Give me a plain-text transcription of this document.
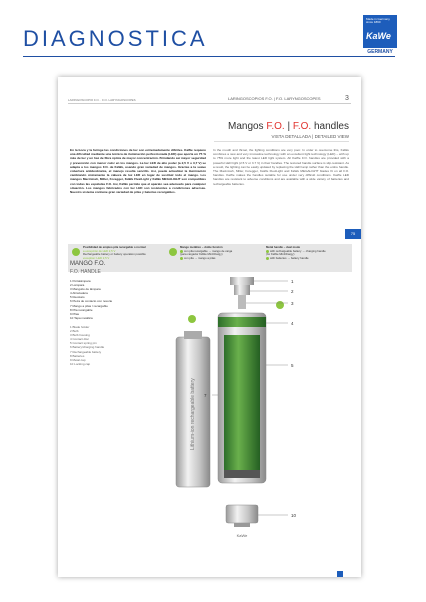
DIAGNOSTICA
Made in Germany since 1890
KaWe
GERMANY
LARINGOSCOPIO F.O. · F.O. LARYNGOSCOPES	LARINGOSCOPIOS F.O. | F.O. LARYNGOSCOPES	3
Mangos F.O. | F.O. handles
VISTA DETALLADA | DETAILED VIEW
En la boca y la faringe las condiciones de luz son extremadamente difíciles. KaWe requiere una dificultad mediante una técnica de iluminación perfeccionada (LED) que aporta un 75 % más de luz y un haz de fibra óptica de mayor concentración. Brindando así mayor seguridad y prevención con menor calor en los mangos. La luz LED de alto poder (a 2,5 V o 3,7 V) se adapta a los mangos F.O. de KaWe, usando gran variedad de mangos. Gracias a la suave cobertura antideslizante, el manejo resulta sencillo. Así, puede actualizar la iluminación cambiando únicamente la cabeza de luz LED en lugar de sustituir todo el mango. Los mangos Macintosh, Miller, Foregger, KaWe FlexiLight y KaWe MEGALIGHT son compatibles con todas las espátulas F.O. Así, KaWe permite que el aparato sea adecuado para cualquier situación. Los mangos fabricados con luz LED son resistentes a condiciones adversas. Nuestro sistema contiene gran variedad de pilas y baterías recargables.
In the mouth and throat, the lighting conditions are very poor. In order to overcome this, KaWe combines a new and very innovative technology with an excellent light technology (LED) – with up to 75% more light and the latest LED light system. All KaWe F.O. handles are provided with a powerful LED light (2.5 V or 3.7 V) in their handles. The textured handle surface is slip-resistant. As a result, the lighting can be easily updated by replacing the LED lamp rather than the entire handle. The Macintosh, Miller, Foregger, KaWe FlexiLight and KaWe MEGALIGHT blades fit on all F.O. handles. KaWe makes the handles suitable for use under very difficult conditions. KaWe LED handles are resistant to adverse conditions and are available with a wide variety of batteries and rechargeable batteries.
75
Posibilidad de empleo pila recargable o normal
a excepción de LED 2,5 V
Rechargeable battery or battery operation possible
exception: LED 2,5 V
Mango metálico – doble función
con pila recargable → mango de carga
(para cargador KaWe MiniChargy)
con pila → mango a pilas
Metal handle – dual mode
with rechargeable battery → charging handle
(for KaWe MiniChargy)
with batteries → battery handle
MANGO F.O.
F.O. HANDLE
1 Portalámpara
2 Lámpara
3 Manguito de lámpara
4 Abrazadera
5 Reostato
6 Pieza de contacto con resorte
7 Mango a pilas / recargable
8 Pila recargable
9 Pilas
10 Tapa metálica
1 Blade holder
2 Bulb
3 Bulb housing
4 Contact disc
5 Contact spring pin
6 Battery/charging handle
7 Rechargeable battery
8 Batteries
9 Metal cap
10 Locking cap
Lithium-ion rechargeable battery
KaWe
1
2
3
4
5
7
10
